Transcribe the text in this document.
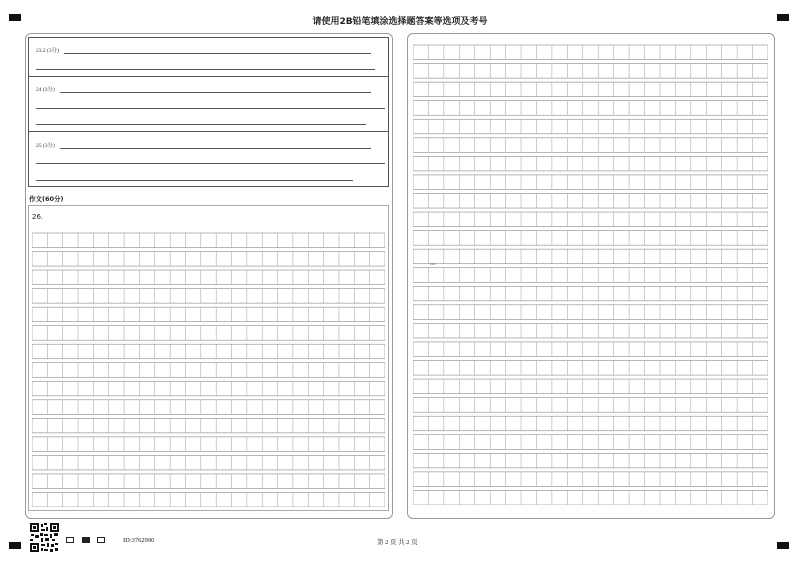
请使用2B铅笔填涂选择题答案等选项及考号
23.2 (3分)
24 (3分)
25 (3分)
作文(60分)
26.
600
ID:3762990	第 2 页 共 2 页
